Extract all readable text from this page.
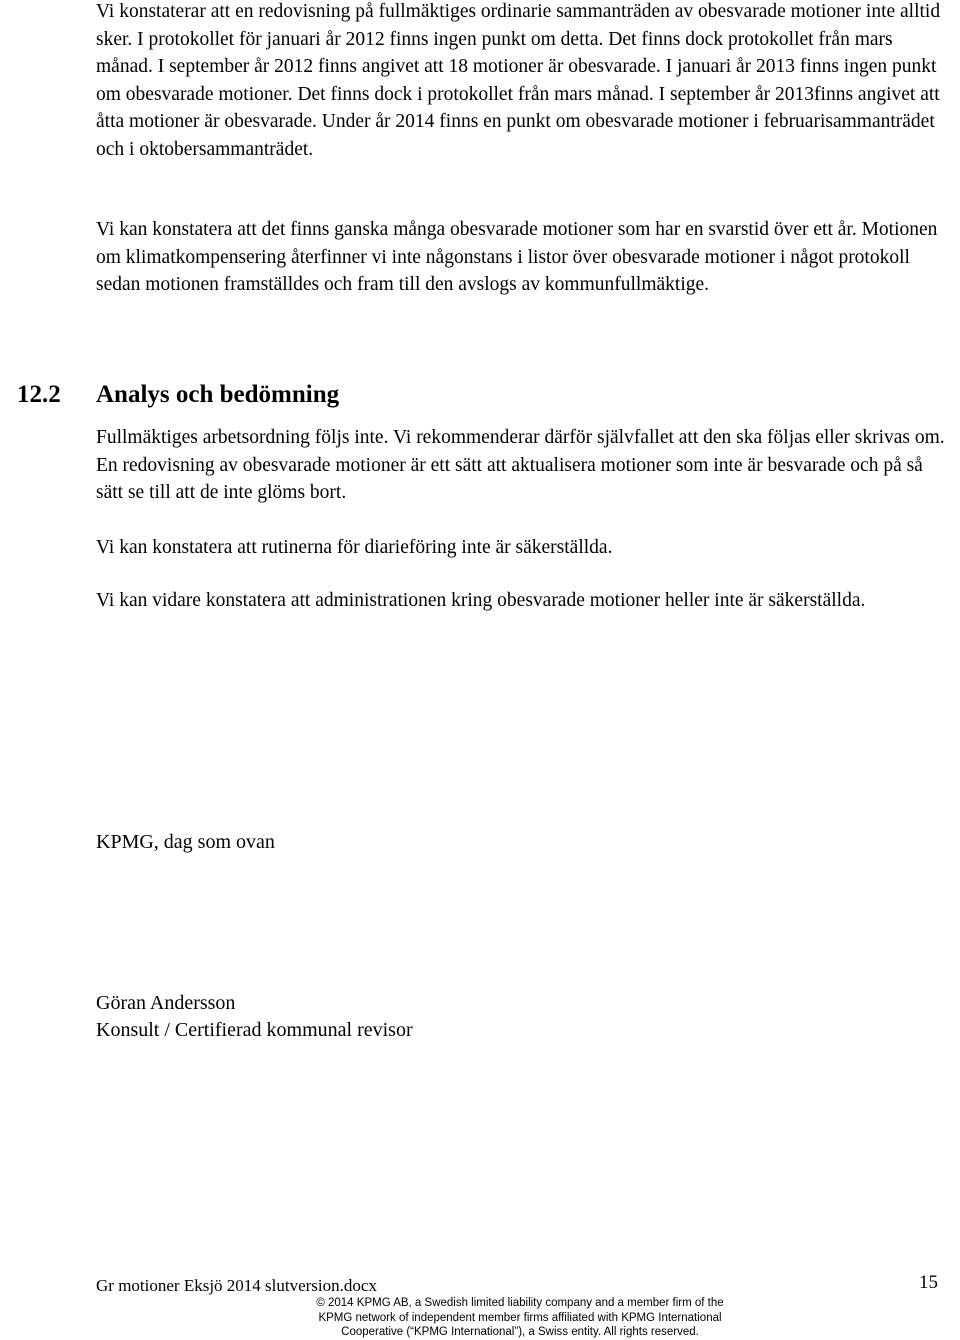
Vi konstaterar att en redovisning på fullmäktiges ordinarie sammanträden av obesvarade motioner inte alltid sker. I protokollet för januari år 2012 finns ingen punkt om detta. Det finns dock protokollet från mars månad. I september år 2012 finns angivet att 18 motioner är obesvarade. I januari år 2013 finns ingen punkt om obesvarade motioner. Det finns dock i protokollet från mars månad. I september år 2013finns angivet att åtta motioner är obesvarade. Under år 2014 finns en punkt om obesvarade motioner i februarisammanträdet och i oktobersammanträdet.

Vi kan konstatera att det finns ganska många obesvarade motioner som har en svarstid över ett år. Motionen om klimatkompensering återfinner vi inte någonstans i listor över obesvarade motioner i något protokoll sedan motionen framställdes och fram till den avslogs av kommunfullmäktige.

12.2 Analys och bedömning

Fullmäktiges arbetsordning följs inte. Vi rekommenderar därför självfallet att den ska följas eller skrivas om. En redovisning av obesvarade motioner är ett sätt att aktualisera motioner som inte är besvarade och på så sätt se till att de inte glöms bort.

Vi kan konstatera att rutinerna för diarieföring inte är säkerställda.

Vi kan vidare konstatera att administrationen kring obesvarade motioner heller inte är säkerställda.

KPMG, dag som ovan

Göran Andersson

Konsult / Certifierad kommunal revisor

Gr motioner Eksjö 2014 slutversion.docx	15
© 2014 KPMG AB, a Swedish limited liability company and a member firm of the
KPMG network of independent member firms affiliated with KPMG International
Cooperative (“KPMG International”), a Swiss entity. All rights reserved.
